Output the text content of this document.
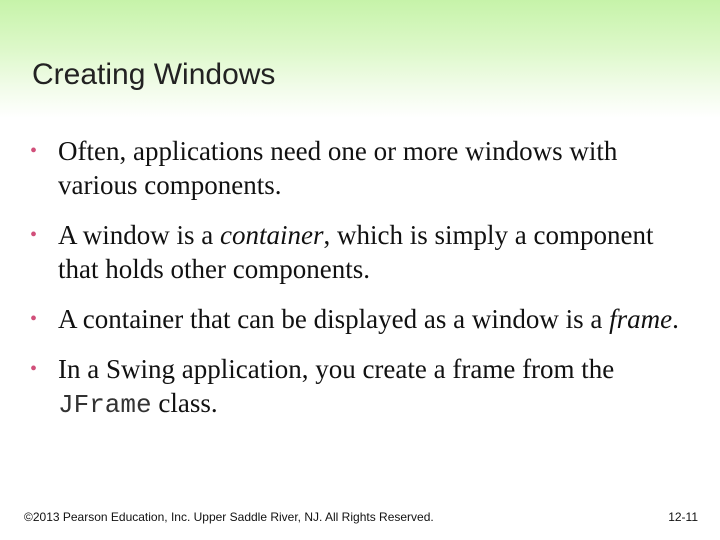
Creating Windows
• Often, applications need one or more windows with various components.
• A window is a container, which is simply a component that holds other components.
• A container that can be displayed as a window is a frame.
• In a Swing application, you create a frame from the JFrame class.
©2013 Pearson Education, Inc. Upper Saddle River, NJ. All Rights Reserved.	12-11
